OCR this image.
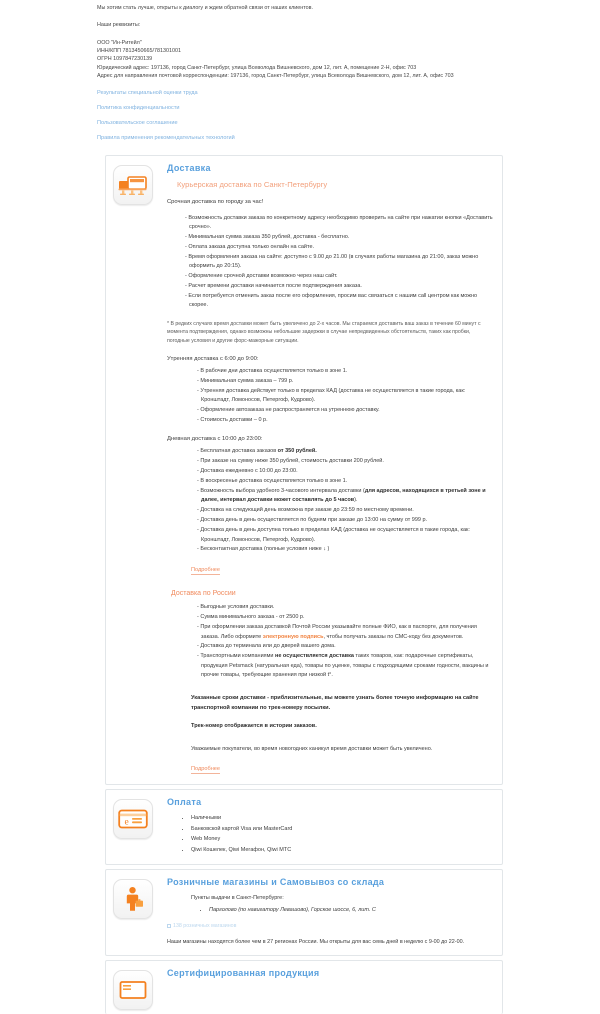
Мы хотим стать лучше, открыты к диалогу и ждем обратной связи от наших клиентов.
Наши реквизиты:
ООО "Ин-Ритейл"
ИНН/КПП 7813450665/781301001
ОГРН 1097847230139
Юридический адрес: 197136, город Санкт-Петербург, улица Всеволода Вишневского, дом 12, лит. А, помещение 2-Н, офис 703
Адрес для направления почтовой корреспонденции: 197136, город Санкт-Петербург, улица Всеволода Вишневского, дом 12, лит. А, офис 703
Результаты специальной оценки труда
Политика конфиденциальности
Пользовательское соглашение
Правила применения рекомендательных технологий
Доставка
Курьерская доставка по Санкт-Петербургу

Срочная доставка по городу за час!

- Возможность доставки заказа по конкретному адресу необходимо проверить на сайте при нажатии кнопки «Доставить срочно».
- Минимальная сумма заказа 350 рублей, доставка - бесплатно.
- Оплата заказа доступна только онлайн на сайте.
- Время оформления заказа на сайте: доступно с 9.00 до 21.00 (в случаях работы магазина до 21:00, заказ можно оформить до 20:15).
- Оформление срочной доставки возможно через наш сайт.
- Расчет времени доставки начинается после подтверждения заказа.
- Если потребуется отменить заказ после его оформления, просим вас связаться с нашим call центром как можно скорее.

* В редких случаях время доставки может быть увеличено до 2-х часов. Мы стараемся доставить ваш заказ в течение 60 минут с момента подтверждения, однако возможны небольшие задержки в случае непредвиденных обстоятельств, таких как пробки, погодные условия и другие форс-мажорные ситуации.

Утренняя доставка с 6:00 до 9:00:
- В рабочие дни доставка осуществляется только в зоне 1.
- Минимальная сумма заказа – 799 р.
- Утренняя доставка действует только в пределах КАД (доставка не осуществляется в такие города, как: Кронштадт, Ломоносов, Петергоф, Кудрово).
- Оформление автозаказа не распространяется на утреннюю доставку.
- Стоимость доставки – 0 р.
Дневная доставка с 10:00 до 23:00:
- Бесплатная доставка заказов от 350 рублей.
- При заказе на сумму ниже 350 рублей, стоимость доставки 200 рублей.
- Доставка ежедневно с 10:00 до 23:00.
- В воскресенье доставка осуществляется только в зоне 1.
- Возможность выбора удобного 3-часового интервала доставки (для адресов, находящихся в третьей зоне и далее, интервал доставки может составлять до 5 часов).
- Доставка на следующий день возможна при заказе до 23:59 по местному времени.
- Доставка день в день осуществляется по будням при заказе до 13:00 на сумму от 999 р.
- Доставка день в день доступна только в пределах КАД (доставка не осуществляется в такие города, как: Кронштадт, Ломоносов, Петергоф, Кудрово).
- Бесконтактная доставка (полные условия ниже ↓ )
Подробнее
Доставка по России
- Выгодные условия доставки.
- Сумма минимального заказа - от 2500 р.
- При оформлении заказа доставкой Почтой России указывайте полные ФИО, как в паспорте, для получения заказа. Либо оформите электронную подпись, чтобы получать заказы по СМС-коду без документов.
- Доставка до терминала или до дверей вашего дома.
- Транспортными компаниями не осуществляется доставка таких товаров, как: подарочные сертификаты, продукция Petsmack (натуральная еда), товары по уценке, товары с подходящими сроками годности, вакцины и прочие товары, требующие хранения при низкой t°.

Указанные сроки доставки - приблизительные, вы можете узнать более точную информацию на сайте транспортной компании по трек-номеру посылки.

Трек-номер отображается в истории заказов.

Уважаемые покупатели, во время новогодних каникул время доставки может быть увеличено.

Подробнее
e
Оплата
• Наличными
• Банковской картой Visa или MasterCard
• Web Money
• Qiwi Кошелек, Qiwi Мегафон, Qiwi МТС
Розничные магазины и Самовывоз со склада

Пункты выдачи в Санкт-Петербурге:

• Парголово (по навигатору Левашово), Горское шоссе, 6, лит. С
138 розничных магазинов

Наши магазины находятся более чем в 27 регионах России. Мы открыты для вас семь дней в неделю с 9-00 до 22-00.

Сертифицированная продукция
